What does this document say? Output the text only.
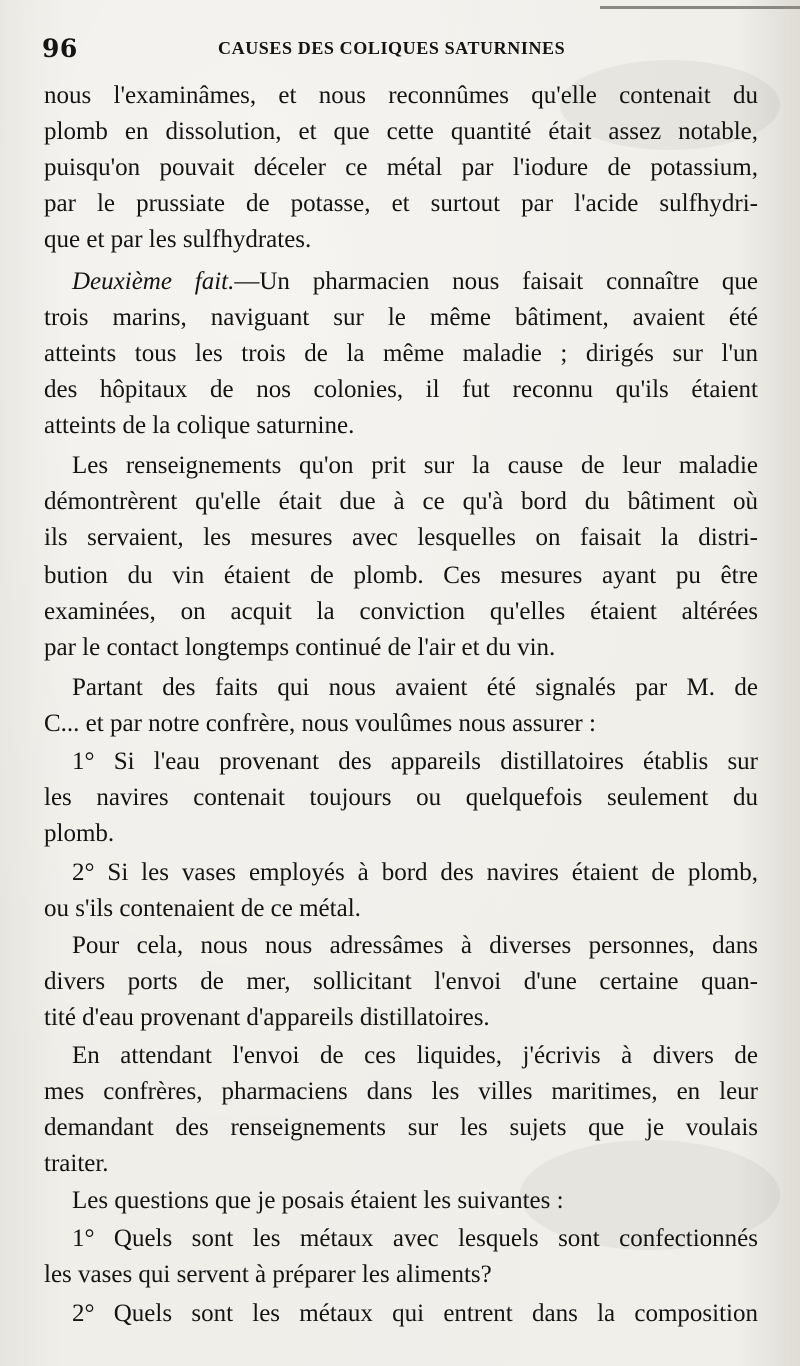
96	CAUSES DES COLIQUES SATURNINES
nous l'examinâmes, et nous reconnûmes qu'elle contenait du
plomb en dissolution, et que cette quantité était assez notable,
puisqu'on pouvait déceler ce métal par l'iodure de potassium,
par le prussiate de potasse, et surtout par l'acide sulfhydri-
que et par les sulfhydrates.
Deuxième fait.—Un pharmacien nous faisait connaître que
trois marins, naviguant sur le même bâtiment, avaient été
atteints tous les trois de la même maladie ; dirigés sur l'un
des hôpitaux de nos colonies, il fut reconnu qu'ils étaient
atteints de la colique saturnine.
Les renseignements qu'on prit sur la cause de leur maladie
démontrèrent qu'elle était due à ce qu'à bord du bâtiment où
ils servaient, les mesures avec lesquelles on faisait la distri-
bution du vin étaient de plomb. Ces mesures ayant pu être
examinées, on acquit la conviction qu'elles étaient altérées
par le contact longtemps continué de l'air et du vin.
Partant des faits qui nous avaient été signalés par M. de
C... et par notre confrère, nous voulûmes nous assurer :
1° Si l'eau provenant des appareils distillatoires établis sur
les navires contenait toujours ou quelquefois seulement du
plomb.
2° Si les vases employés à bord des navires étaient de plomb,
ou s'ils contenaient de ce métal.
Pour cela, nous nous adressâmes à diverses personnes, dans
divers ports de mer, sollicitant l'envoi d'une certaine quan-
tité d'eau provenant d'appareils distillatoires.
En attendant l'envoi de ces liquides, j'écrivis à divers de
mes confrères, pharmaciens dans les villes maritimes, en leur
demandant des renseignements sur les sujets que je voulais
traiter.
Les questions que je posais étaient les suivantes :
1° Quels sont les métaux avec lesquels sont confectionnés
les vases qui servent à préparer les aliments?
2° Quels sont les métaux qui entrent dans la composition
